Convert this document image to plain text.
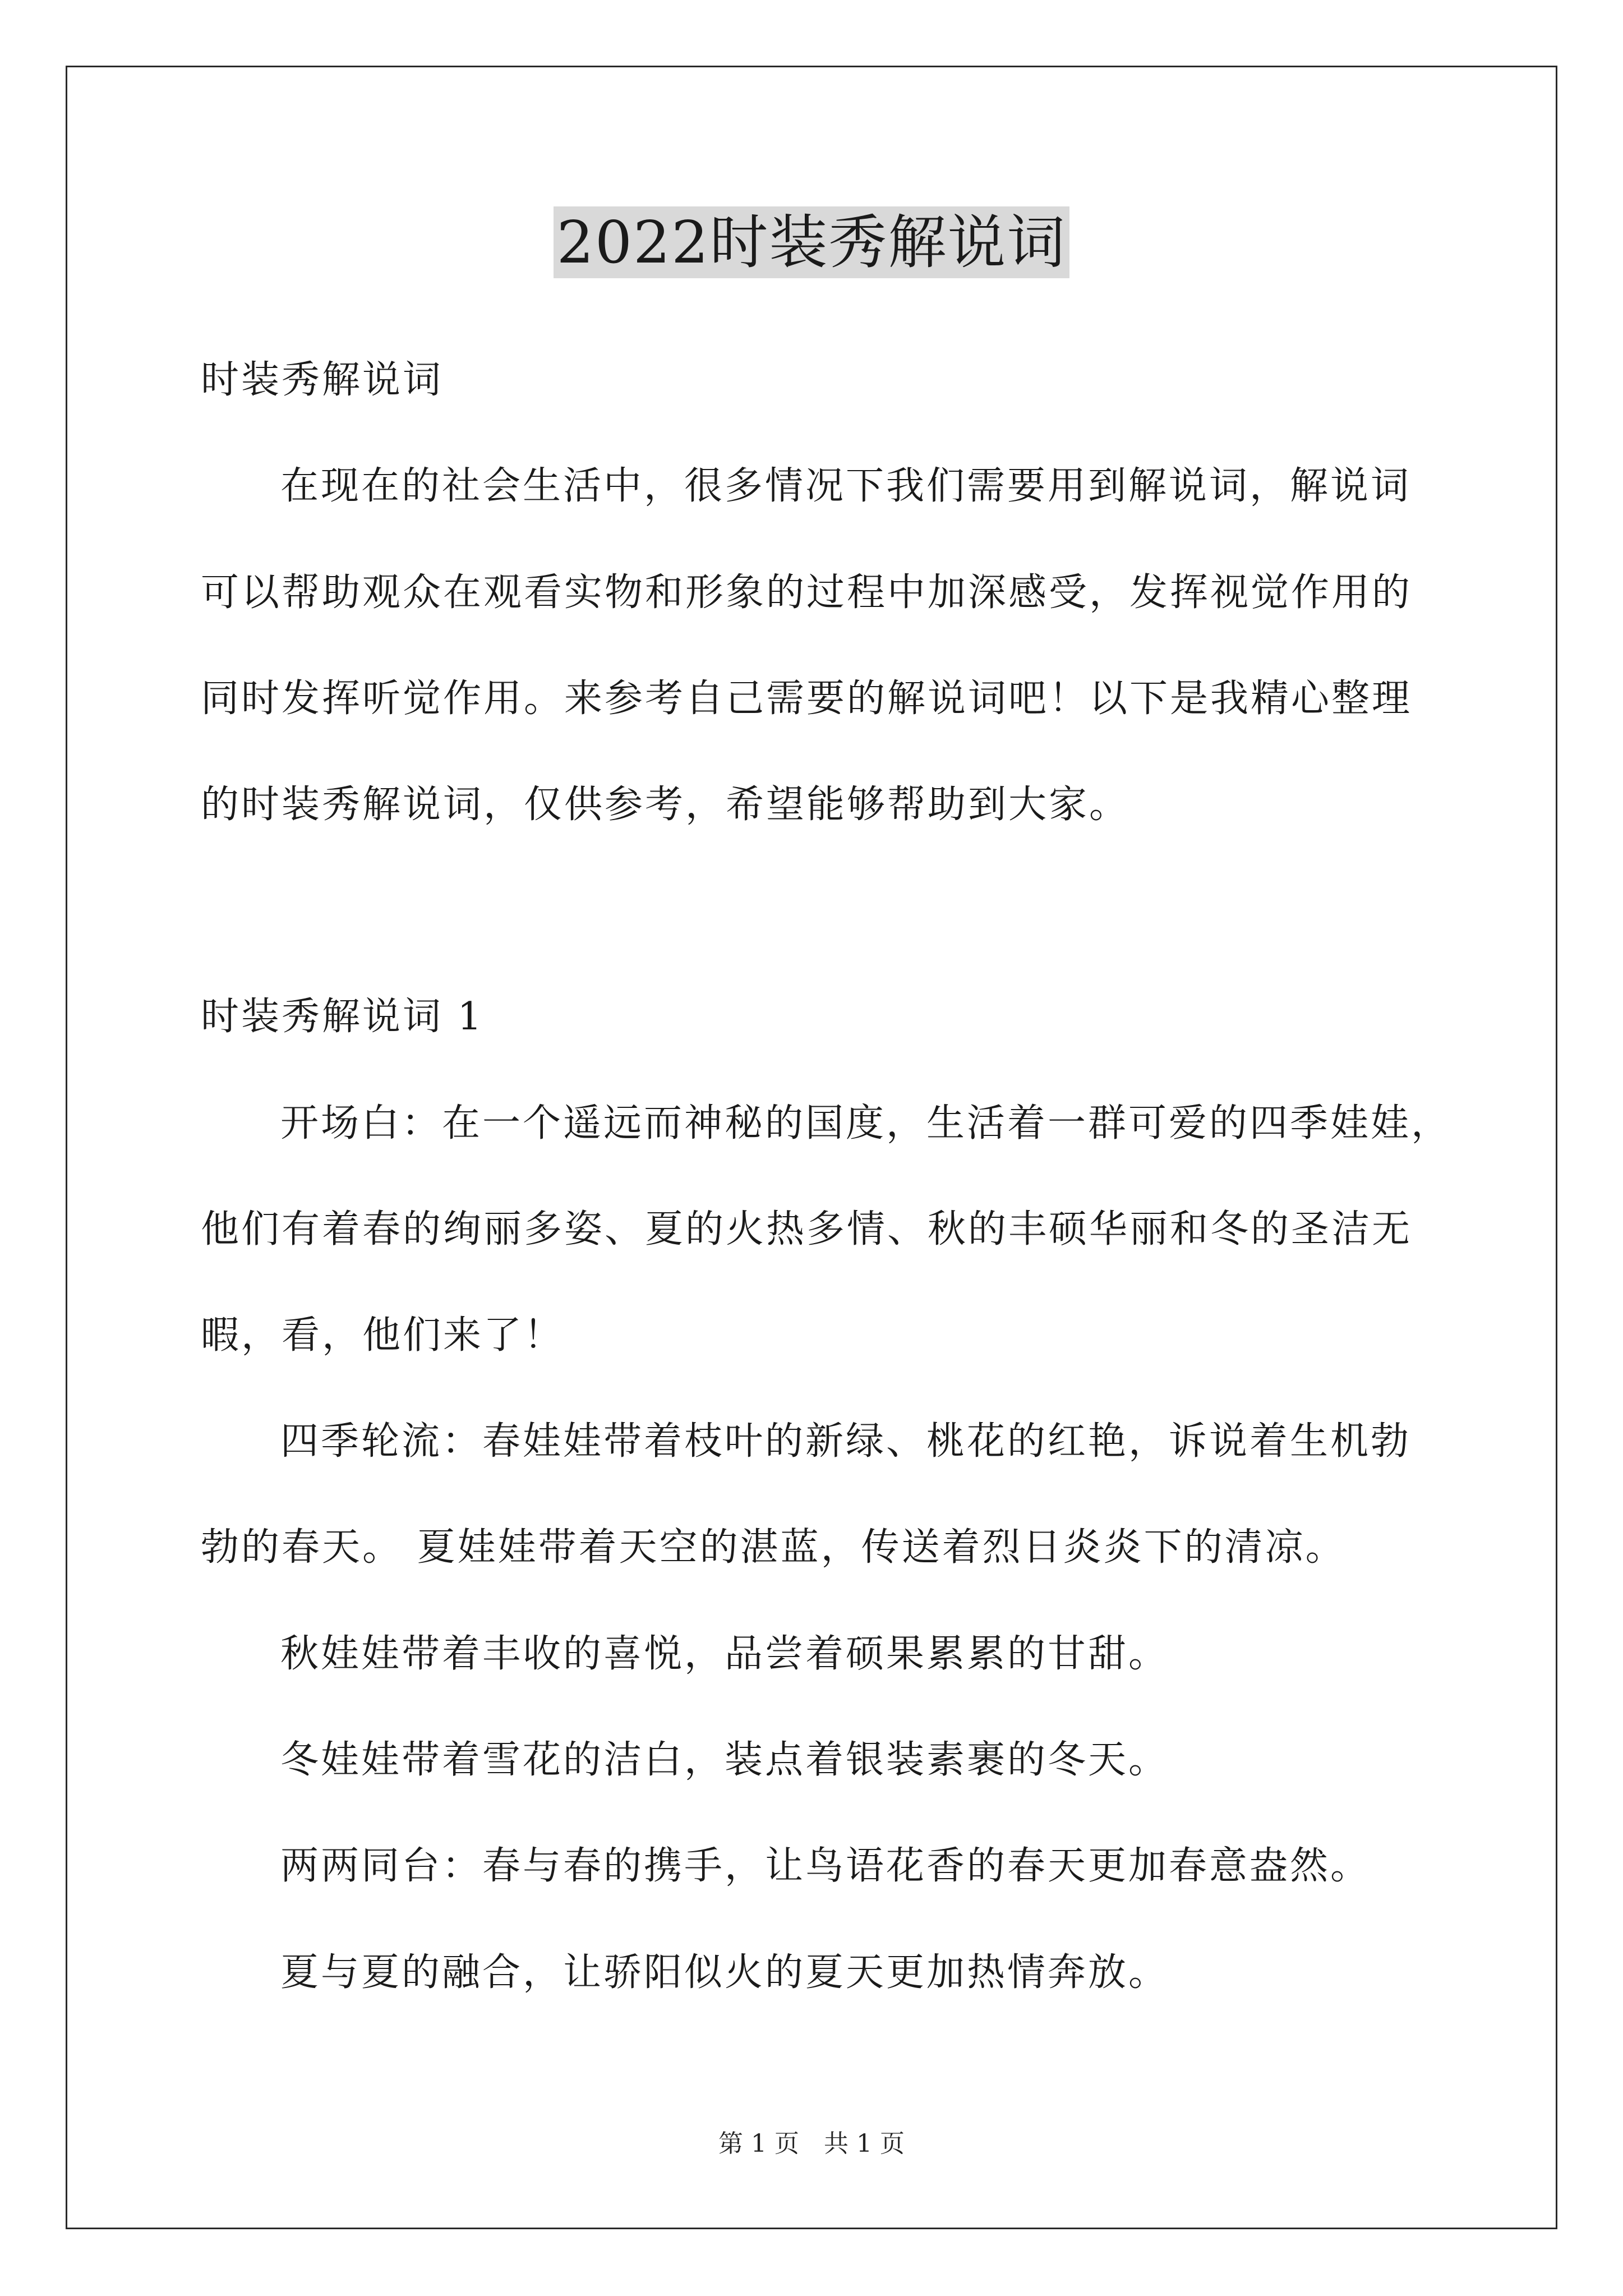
2022时装秀解说词
时装秀解说词
在现在的社会生活中，很多情况下我们需要用到解说词，解说词
可以帮助观众在观看实物和形象的过程中加深感受，发挥视觉作用的
同时发挥听觉作用。来参考自己需要的解说词吧！以下是我精心整理
的时装秀解说词，仅供参考，希望能够帮助到大家。
时装秀解说词 1
开场白：在一个遥远而神秘的国度，生活着一群可爱的四季娃娃，
他们有着春的绚丽多姿、夏的火热多情、秋的丰硕华丽和冬的圣洁无
暇，看，他们来了！
四季轮流：春娃娃带着枝叶的新绿、桃花的红艳，诉说着生机勃
勃的春天。 夏娃娃带着天空的湛蓝，传送着烈日炎炎下的清凉。
秋娃娃带着丰收的喜悦，品尝着硕果累累的甘甜。
冬娃娃带着雪花的洁白，装点着银装素裹的冬天。
两两同台：春与春的携手，让鸟语花香的春天更加春意盎然。
夏与夏的融合，让骄阳似火的夏天更加热情奔放。
第 1 页　共 1 页
